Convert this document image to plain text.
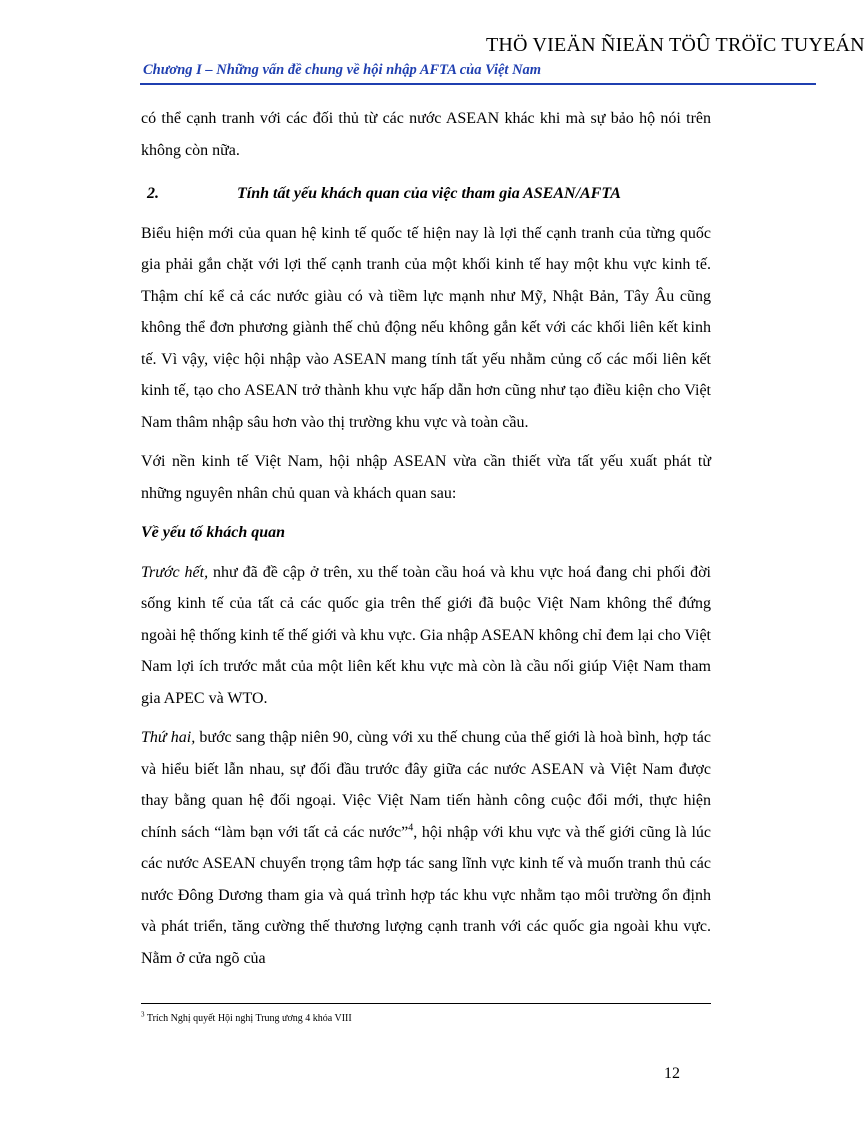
THÖ VIEÄN ÑIEÄN TÖÛ TRÖÏC TUYEÁN
Chương I – Những vấn đề chung về hội nhập AFTA của Việt Nam

có thể cạnh tranh với các đối thủ từ các nước ASEAN khác khi mà sự bảo hộ nói trên không còn nữa.

2.	Tính tất yếu khách quan của việc tham gia ASEAN/AFTA

Biểu hiện mới của quan hệ kinh tế quốc tế hiện nay là lợi thế cạnh tranh của từng quốc gia phải gắn chặt với lợi thế cạnh tranh của một khối kinh tế hay một khu vực kinh tế. Thậm chí kể cả các nước giàu có và tiềm lực mạnh như Mỹ, Nhật Bản, Tây Âu cũng không thể đơn phương giành thế chủ động nếu không gắn kết với các khối liên kết kinh tế. Vì vậy, việc hội nhập vào ASEAN mang tính tất yếu nhằm củng cố các mối liên kết kinh tế, tạo cho ASEAN trở thành khu vực hấp dẫn hơn cũng như tạo điều kiện cho Việt Nam thâm nhập sâu hơn vào thị trường khu vực và toàn cầu.

Với nền kinh tế Việt Nam, hội nhập ASEAN vừa cần thiết vừa tất yếu xuất phát từ những nguyên nhân chủ quan và khách quan sau:

Về yếu tố khách quan

Trước hết, như đã đề cập ở trên, xu thế toàn cầu hoá và khu vực hoá đang chi phối đời sống kinh tế của tất cả các quốc gia trên thế giới đã buộc Việt Nam không thể đứng ngoài hệ thống kinh tế thế giới và khu vực. Gia nhập ASEAN không chỉ đem lại cho Việt Nam lợi ích trước mắt của một liên kết khu vực mà còn là cầu nối giúp Việt Nam tham gia APEC và WTO.

Thứ hai, bước sang thập niên 90, cùng với xu thế chung của thế giới là hoà bình, hợp tác và hiểu biết lẫn nhau, sự đối đầu trước đây giữa các nước ASEAN và Việt Nam được thay bằng quan hệ đối ngoại. Việc Việt Nam tiến hành công cuộc đổi mới, thực hiện chính sách “làm bạn với tất cả các nước”$^4$, hội nhập với khu vực và thế giới cũng là lúc các nước ASEAN chuyển trọng tâm hợp tác sang lĩnh vực kinh tế và muốn tranh thủ các nước Đông Dương tham gia và quá trình hợp tác khu vực nhằm tạo môi trường ổn định và phát triển, tăng cường thế thương lượng cạnh tranh với các quốc gia ngoài khu vực. Nằm ở cửa ngõ của

$^3$ Trích Nghị quyết Hội nghị Trung ương 4 khóa VIII
12
